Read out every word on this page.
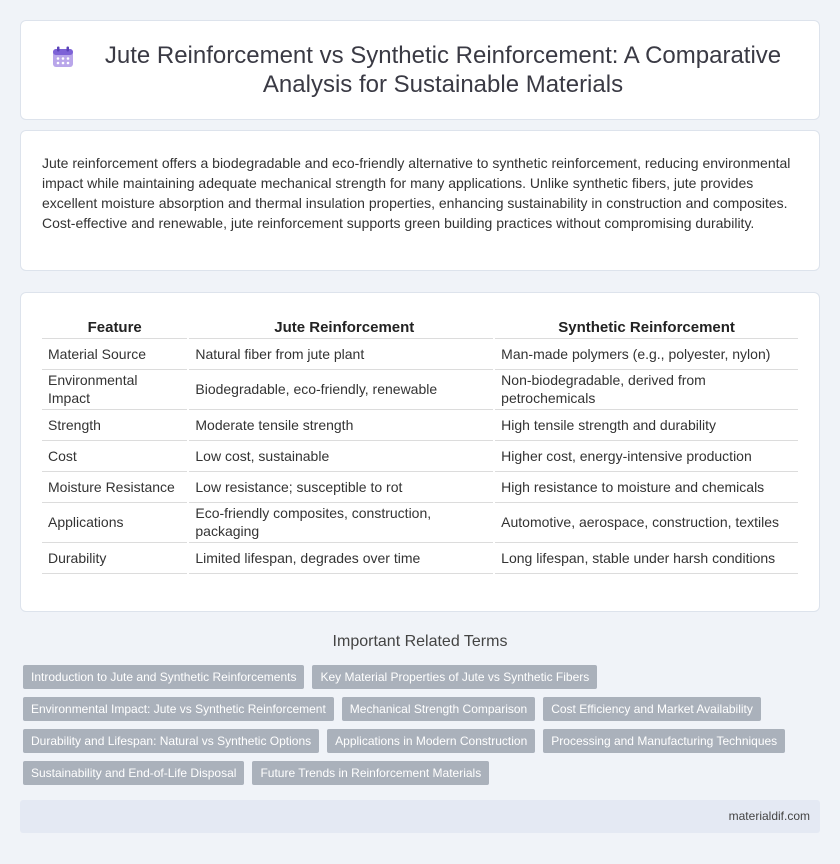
Jute Reinforcement vs Synthetic Reinforcement: A Comparative Analysis for Sustainable Materials

Jute reinforcement offers a biodegradable and eco-friendly alternative to synthetic reinforcement, reducing environmental impact while maintaining adequate mechanical strength for many applications. Unlike synthetic fibers, jute provides excellent moisture absorption and thermal insulation properties, enhancing sustainability in construction and composites. Cost-effective and renewable, jute reinforcement supports green building practices without compromising durability.

Feature		Jute Reinforcement		Synthetic Reinforcement
Material Source		Natural fiber from jute plant		Man-made polymers (e.g., polyester, nylon)
Environmental Impact		Biodegradable, eco-friendly, renewable		Non-biodegradable, derived from petrochemicals
Strength		Moderate tensile strength		High tensile strength and durability
Cost		Low cost, sustainable		Higher cost, energy-intensive production
Moisture Resistance		Low resistance; susceptible to rot		High resistance to moisture and chemicals
Applications		Eco-friendly composites, construction, packaging		Automotive, aerospace, construction, textiles
Durability		Limited lifespan, degrades over time		Long lifespan, stable under harsh conditions
Important Related Terms
Introduction to Jute and Synthetic Reinforcements	Key Material Properties of Jute vs Synthetic Fibers
Environmental Impact: Jute vs Synthetic Reinforcement	Mechanical Strength Comparison	Cost Efficiency and Market Availability
Durability and Lifespan: Natural vs Synthetic Options	Applications in Modern Construction	Processing and Manufacturing Techniques
Sustainability and End-of-Life Disposal	Future Trends in Reinforcement Materials
materialdif.com
